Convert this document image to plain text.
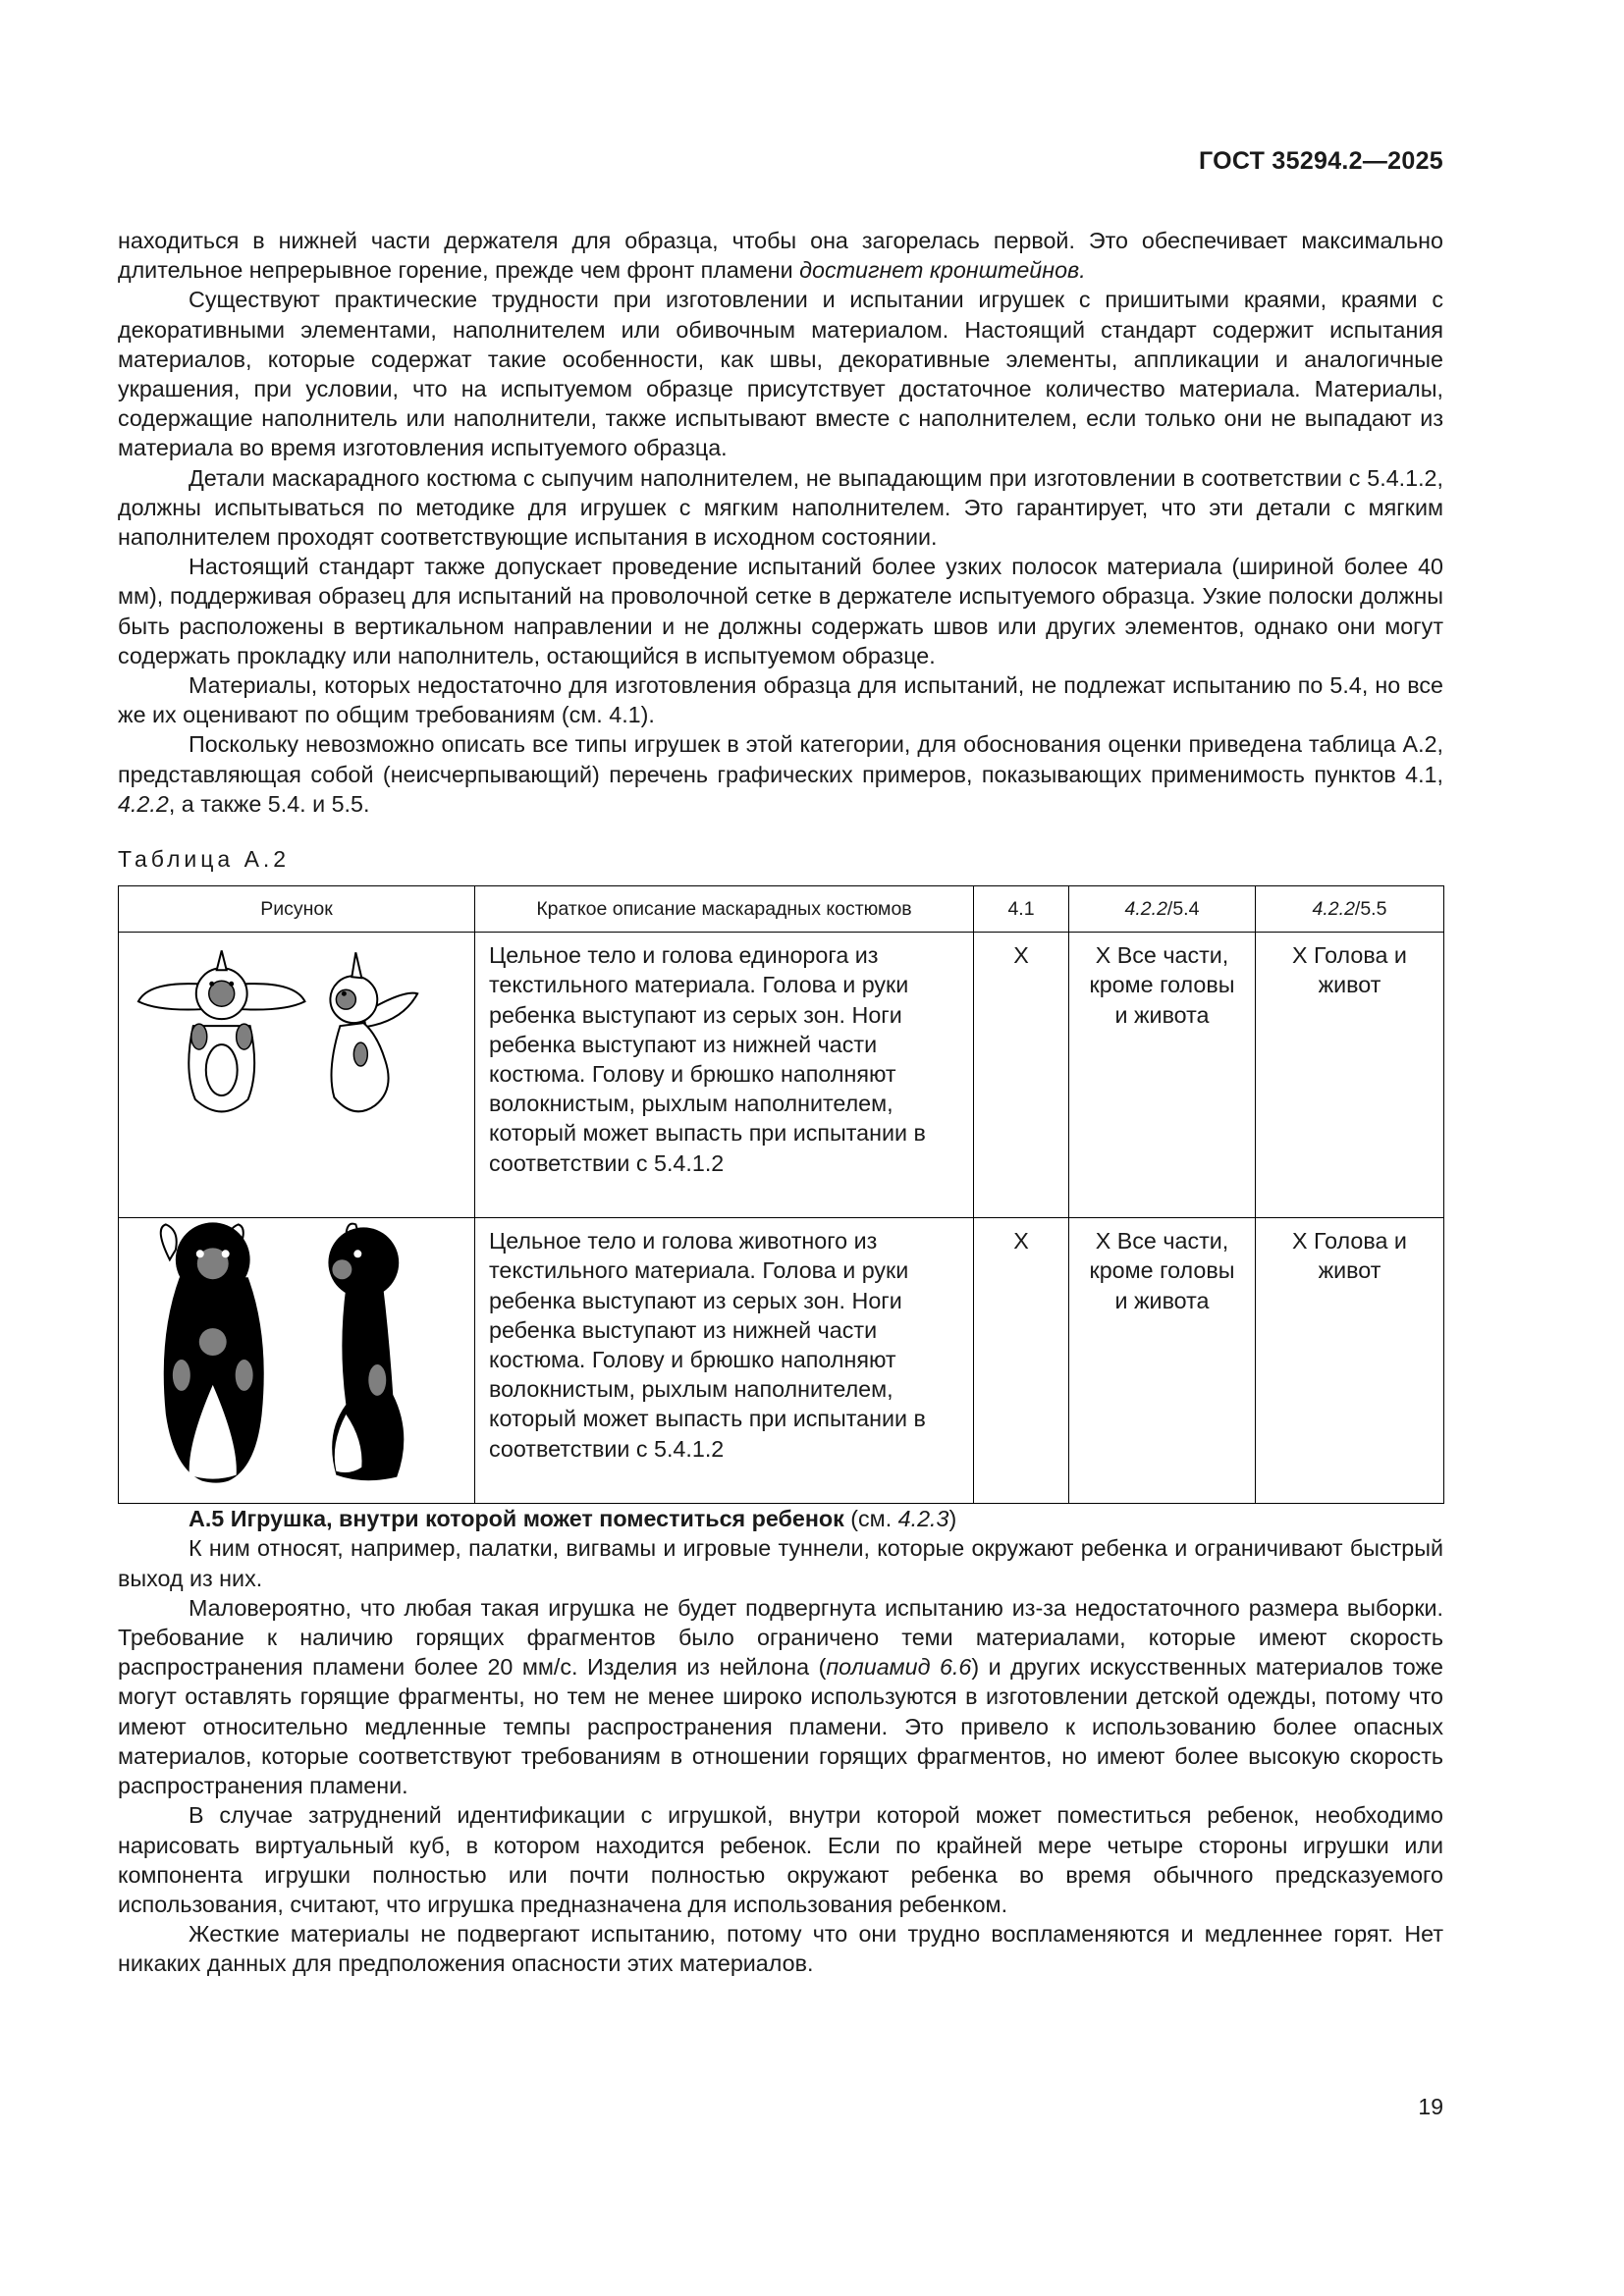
ГОСТ 35294.2—2025

находиться в нижней части держателя для образца, чтобы она загорелась первой. Это обеспечивает максимально длительное непрерывное горение, прежде чем фронт пламени достигнет кронштейнов.

Существуют практические трудности при изготовлении и испытании игрушек с пришитыми краями, краями с декоративными элементами, наполнителем или обивочным материалом. Настоящий стандарт содержит испытания материалов, которые содержат такие особенности, как швы, декоративные элементы, аппликации и аналогичные украшения, при условии, что на испытуемом образце присутствует достаточное количество материала. Материалы, содержащие наполнитель или наполнители, также испытывают вместе с наполнителем, если только они не выпадают из материала во время изготовления испытуемого образца.

Детали маскарадного костюма с сыпучим наполнителем, не выпадающим при изготовлении в соответствии с 5.4.1.2, должны испытываться по методике для игрушек с мягким наполнителем. Это гарантирует, что эти детали с мягким наполнителем проходят соответствующие испытания в исходном состоянии.

Настоящий стандарт также допускает проведение испытаний более узких полосок материала (шириной более 40 мм), поддерживая образец для испытаний на проволочной сетке в держателе испытуемого образца. Узкие полоски должны быть расположены в вертикальном направлении и не должны содержать швов или других элементов, однако они могут содержать прокладку или наполнитель, остающийся в испытуемом образце.

Материалы, которых недостаточно для изготовления образца для испытаний, не подлежат испытанию по 5.4, но все же их оценивают по общим требованиям (см. 4.1).

Поскольку невозможно описать все типы игрушек в этой категории, для обоснования оценки приведена таблица А.2, представляющая собой (неисчерпывающий) перечень графических примеров, показывающих применимость пунктов 4.1, 4.2.2, а также 5.4. и 5.5.

Таблица А.2
Рисунок	Краткое описание маскарадных костюмов	4.1	4.2.2/5.4	4.2.2/5.5

	Цельное тело и голова единорога из текстильного материала. Голова и руки ребенка выступают из серых зон. Ноги ребенка выступают из нижней части костюма. Голову и брюшко наполняют волокнистым, рыхлым наполнителем, который может выпасть при испытании в соответствии с 5.4.1.2	X	X Все части, кроме головы и живота	X Голова и живот

	Цельное тело и голова животного из текстильного материала. Голова и руки ребенка выступают из серых зон. Ноги ребенка выступают из нижней части костюма. Голову и брюшко наполняют волокнистым, рыхлым наполнителем, который может выпасть при испытании в соответствии с 5.4.1.2	X	X Все части, кроме головы и живота	X Голова и живот

А.5 Игрушка, внутри которой может поместиться ребенок (см. 4.2.3)

К ним относят, например, палатки, вигвамы и игровые туннели, которые окружают ребенка и ограничивают быстрый выход из них.

Маловероятно, что любая такая игрушка не будет подвергнута испытанию из-за недостаточного размера выборки. Требование к наличию горящих фрагментов было ограничено теми материалами, которые имеют скорость распространения пламени более 20 мм/с. Изделия из нейлона (полиамид 6.6) и других искусственных материалов тоже могут оставлять горящие фрагменты, но тем не менее широко используются в изготовлении детской одежды, потому что имеют относительно медленные темпы распространения пламени. Это привело к использованию более опасных материалов, которые соответствуют требованиям в отношении горящих фрагментов, но имеют более высокую скорость распространения пламени.

В случае затруднений идентификации с игрушкой, внутри которой может поместиться ребенок, необходимо нарисовать виртуальный куб, в котором находится ребенок. Если по крайней мере четыре стороны игрушки или компонента игрушки полностью или почти полностью окружают ребенка во время обычного предсказуемого использования, считают, что игрушка предназначена для использования ребенком.

Жесткие материалы не подвергают испытанию, потому что они трудно воспламеняются и медленнее горят. Нет никаких данных для предположения опасности этих материалов.

19
